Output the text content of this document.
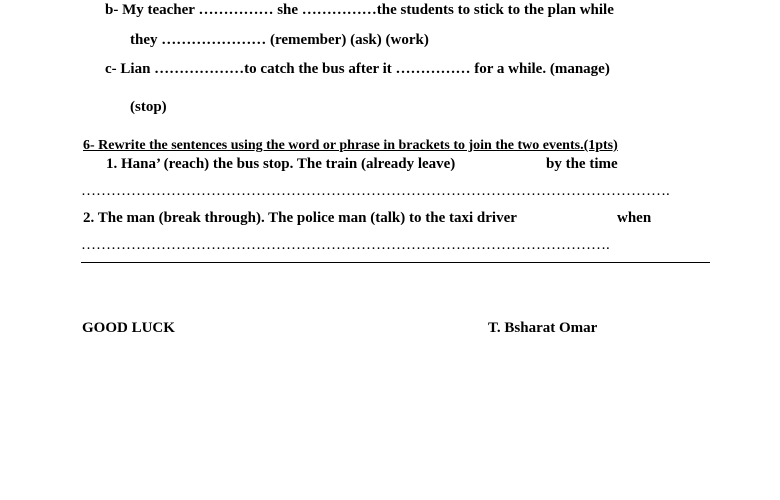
b- My teacher …………… she ……………the students to stick to the plan while
they ………………… (remember) (ask) (work)
c- Lian ………………to catch the bus after it …………… for a while. (manage)
(stop)
6- Rewrite the sentences using the word or phrase in brackets to join the two events.(1pts)
1. Hana’ (reach) the bus stop. The train (already leave)	by the time
……………………………………………………………………………………………………….
2. The man (break through). The police man (talk) to the taxi driver	when
…………………………………………………………………………………………….
GOOD LUCK	T. Bsharat Omar
